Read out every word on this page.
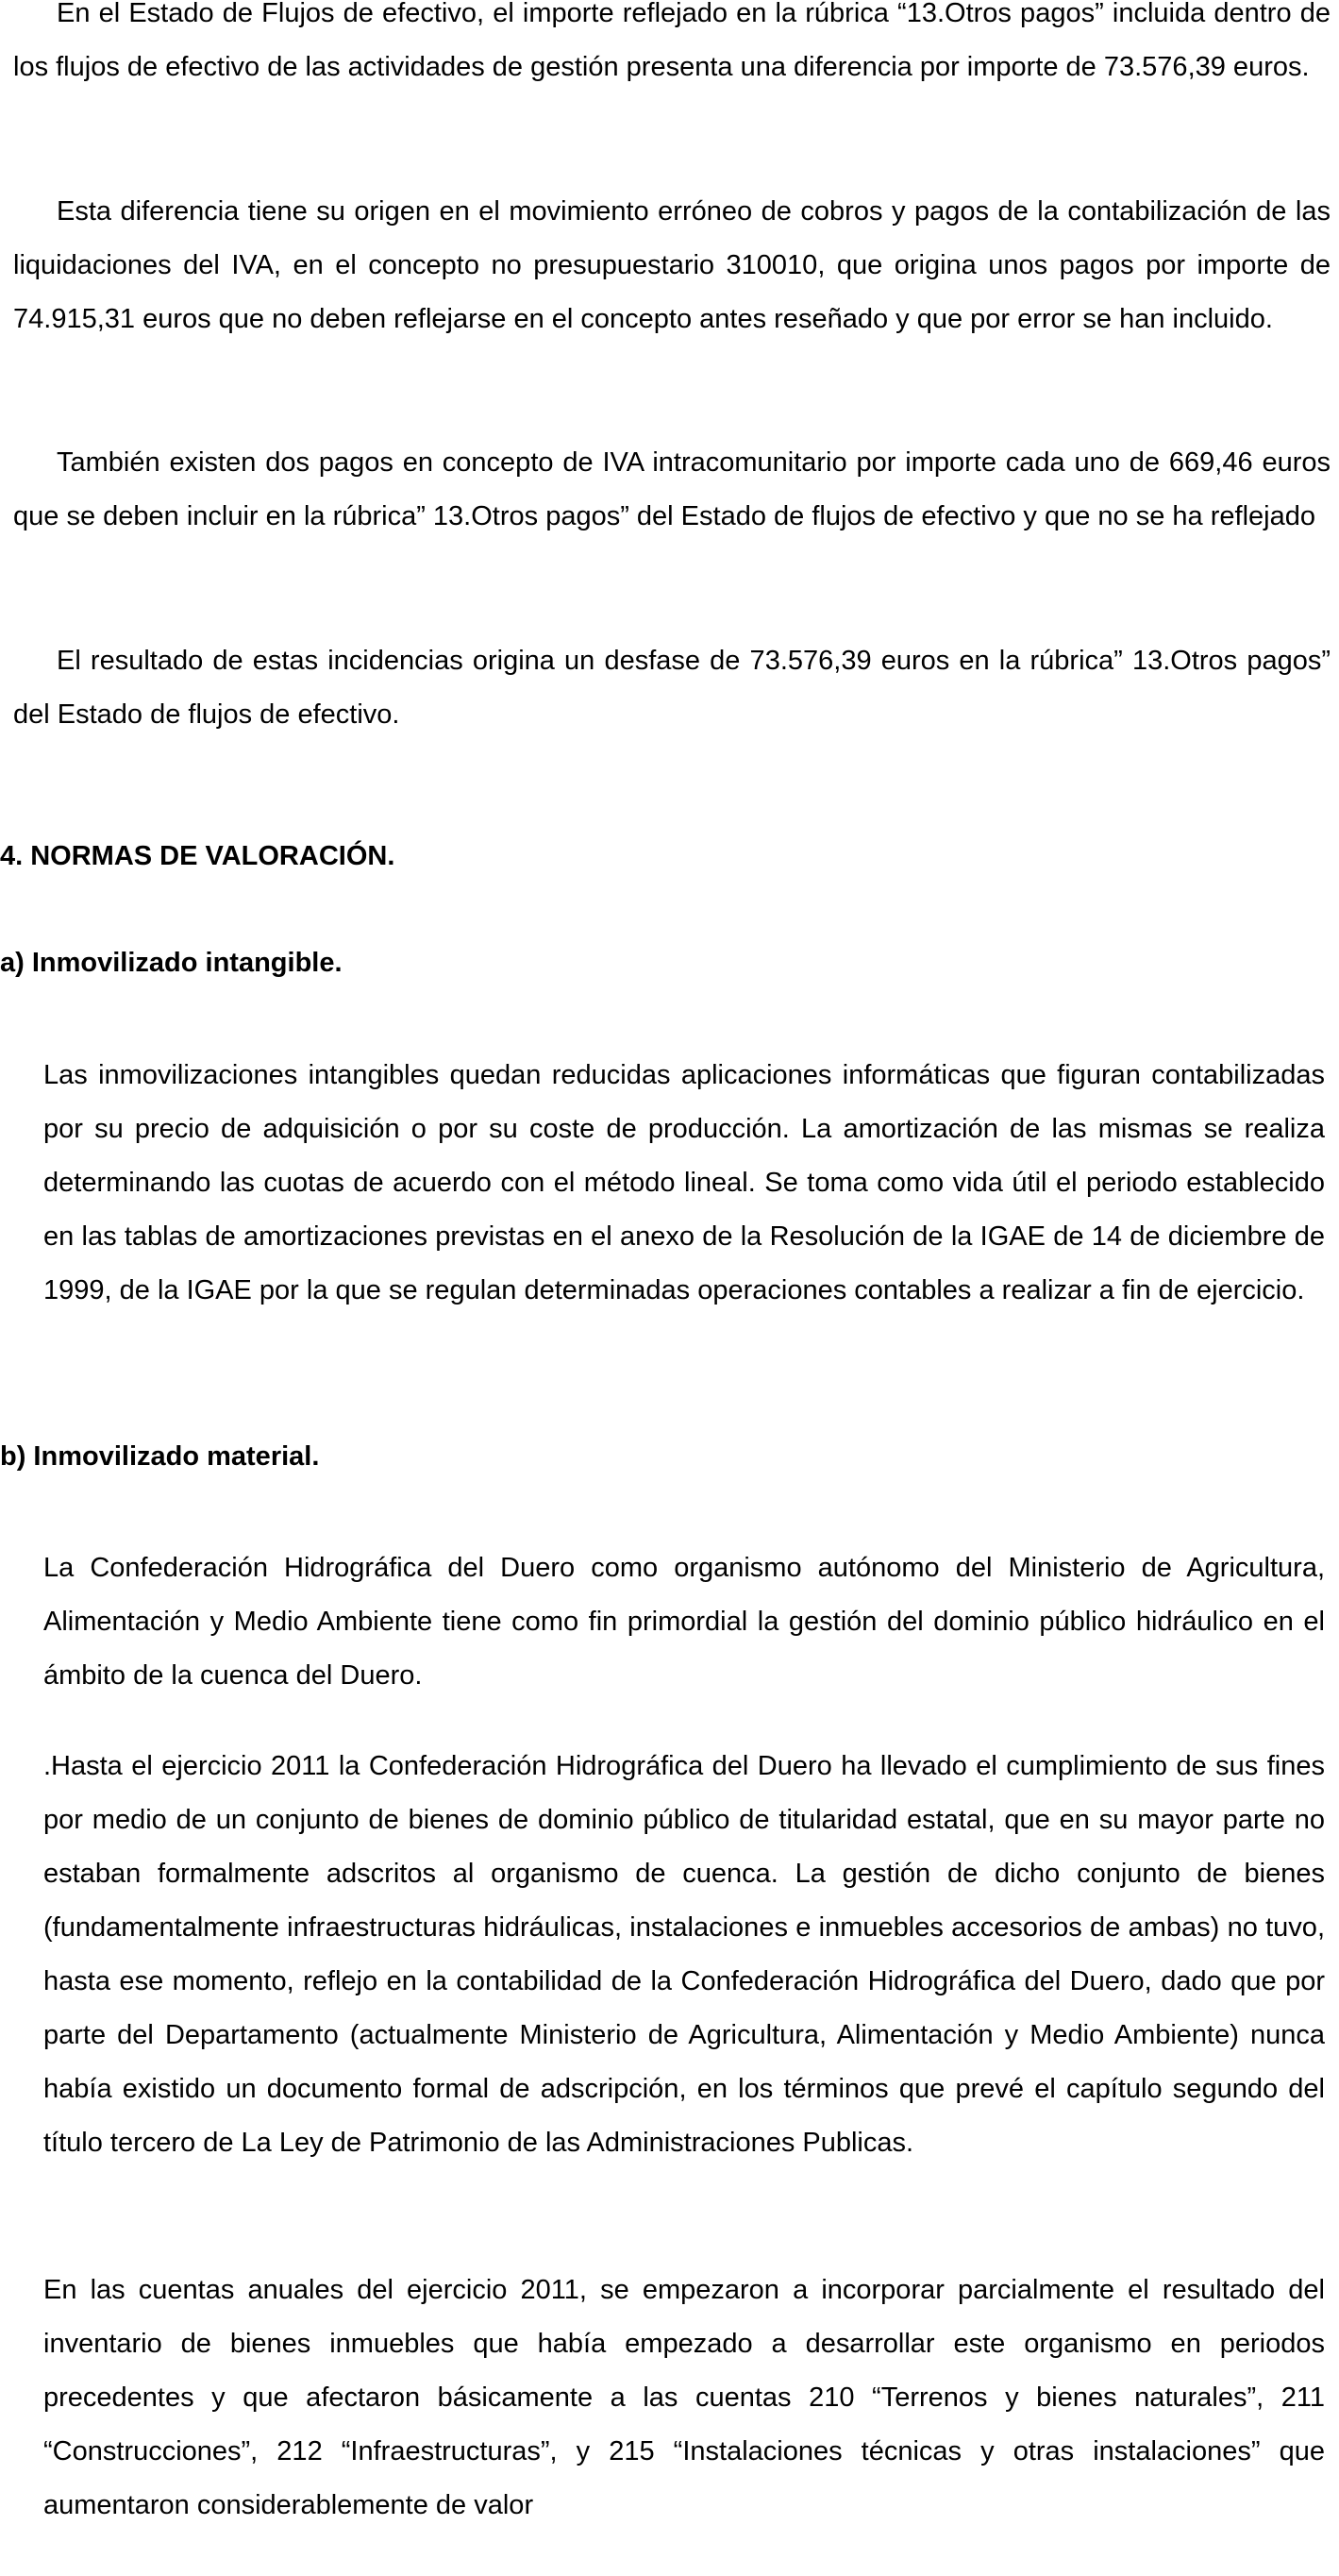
En el Estado de Flujos de efectivo, el importe reflejado en la rúbrica “13.Otros pagos” incluida dentro de los flujos de efectivo de las actividades de gestión presenta una diferencia por importe de 73.576,39 euros.

Esta diferencia tiene su origen en el movimiento erróneo de cobros y pagos de la contabilización de las liquidaciones del IVA, en el concepto no presupuestario 310010, que origina unos pagos por importe de 74.915,31 euros que no deben reflejarse en el concepto antes reseñado y que por error se han incluido.

También existen dos pagos en concepto de IVA intracomunitario por importe cada uno de 669,46 euros que se deben incluir en la rúbrica” 13.Otros pagos” del Estado de flujos de efectivo y que no se ha reflejado

El resultado de estas incidencias origina un desfase de 73.576,39 euros en la rúbrica” 13.Otros pagos” del Estado de flujos de efectivo.

4. NORMAS DE VALORACIÓN.
a) Inmovilizado intangible.

Las inmovilizaciones intangibles quedan reducidas aplicaciones informáticas que figuran contabilizadas por su precio de adquisición o por su coste de producción. La amortización de las mismas se realiza determinando las cuotas de acuerdo con el método lineal. Se toma como vida útil el periodo establecido en las tablas de amortizaciones previstas en el anexo de la Resolución de la IGAE de 14 de diciembre de 1999, de la IGAE por la que se regulan determinadas operaciones contables a realizar a fin de ejercicio.

b) Inmovilizado material.

La Confederación Hidrográfica del Duero como organismo autónomo del Ministerio de Agricultura, Alimentación y Medio Ambiente tiene como fin primordial la gestión del dominio público hidráulico en el ámbito de la cuenca del Duero.

.Hasta el ejercicio 2011 la Confederación Hidrográfica del Duero ha llevado el cumplimiento de sus fines por medio de un conjunto de bienes de dominio público de titularidad estatal, que en su mayor parte no estaban formalmente adscritos al organismo de cuenca. La gestión de dicho conjunto de bienes (fundamentalmente infraestructuras hidráulicas, instalaciones e inmuebles accesorios de ambas) no tuvo, hasta ese momento, reflejo en la contabilidad de la Confederación Hidrográfica del Duero, dado que por parte del Departamento (actualmente Ministerio de Agricultura, Alimentación y Medio Ambiente) nunca había existido un documento formal de adscripción, en los términos que prevé el capítulo segundo del título tercero de La Ley de Patrimonio de las Administraciones Publicas.

En las cuentas anuales del ejercicio 2011, se empezaron a incorporar parcialmente el resultado del inventario de bienes inmuebles que había empezado a desarrollar este organismo en periodos precedentes y que afectaron básicamente a las cuentas 210 “Terrenos y bienes naturales”, 211 “Construcciones”, 212 “Infraestructuras”, y 215 “Instalaciones técnicas y otras instalaciones” que aumentaron considerablemente de valor
